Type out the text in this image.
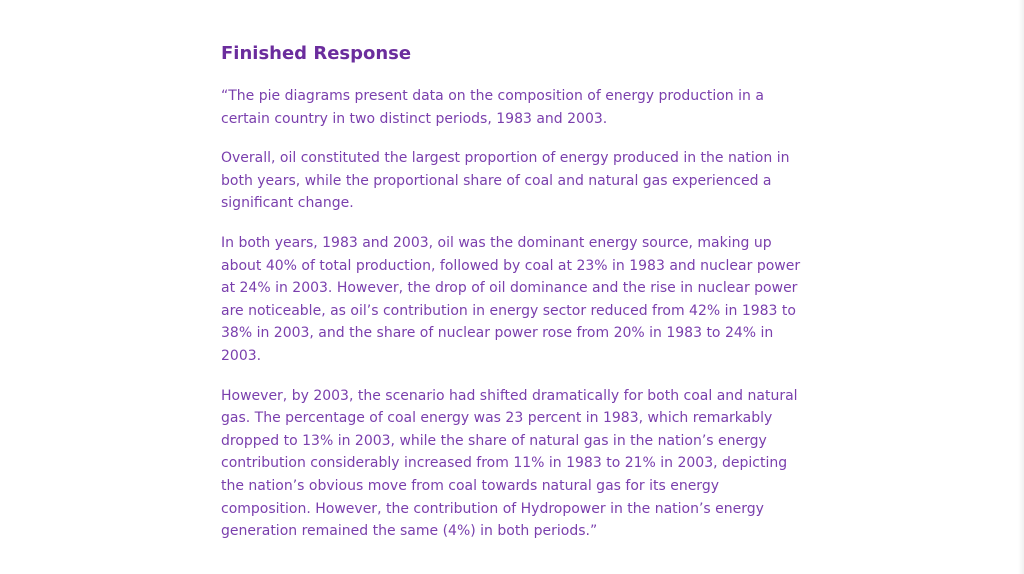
Finished Response

“The pie diagrams present data on the composition of energy production in a certain country in two distinct periods, 1983 and 2003.

Overall, oil constituted the largest proportion of energy produced in the nation in both years, while the proportional share of coal and natural gas experienced a significant change.

In both years, 1983 and 2003, oil was the dominant energy source, making up about 40% of total production, followed by coal at 23% in 1983 and nuclear power at 24% in 2003. However, the drop of oil dominance and the rise in nuclear power are noticeable, as oil’s contribution in energy sector reduced from 42% in 1983 to 38% in 2003, and the share of nuclear power rose from 20% in 1983 to 24% in 2003.

However, by 2003, the scenario had shifted dramatically for both coal and natural gas. The percentage of coal energy was 23 percent in 1983, which remarkably dropped to 13% in 2003, while the share of natural gas in the nation’s energy contribution considerably increased from 11% in 1983 to 21% in 2003, depicting the nation’s obvious move from coal towards natural gas for its energy composition. However, the contribution of Hydropower in the nation’s energy generation remained the same (4%) in both periods.”
